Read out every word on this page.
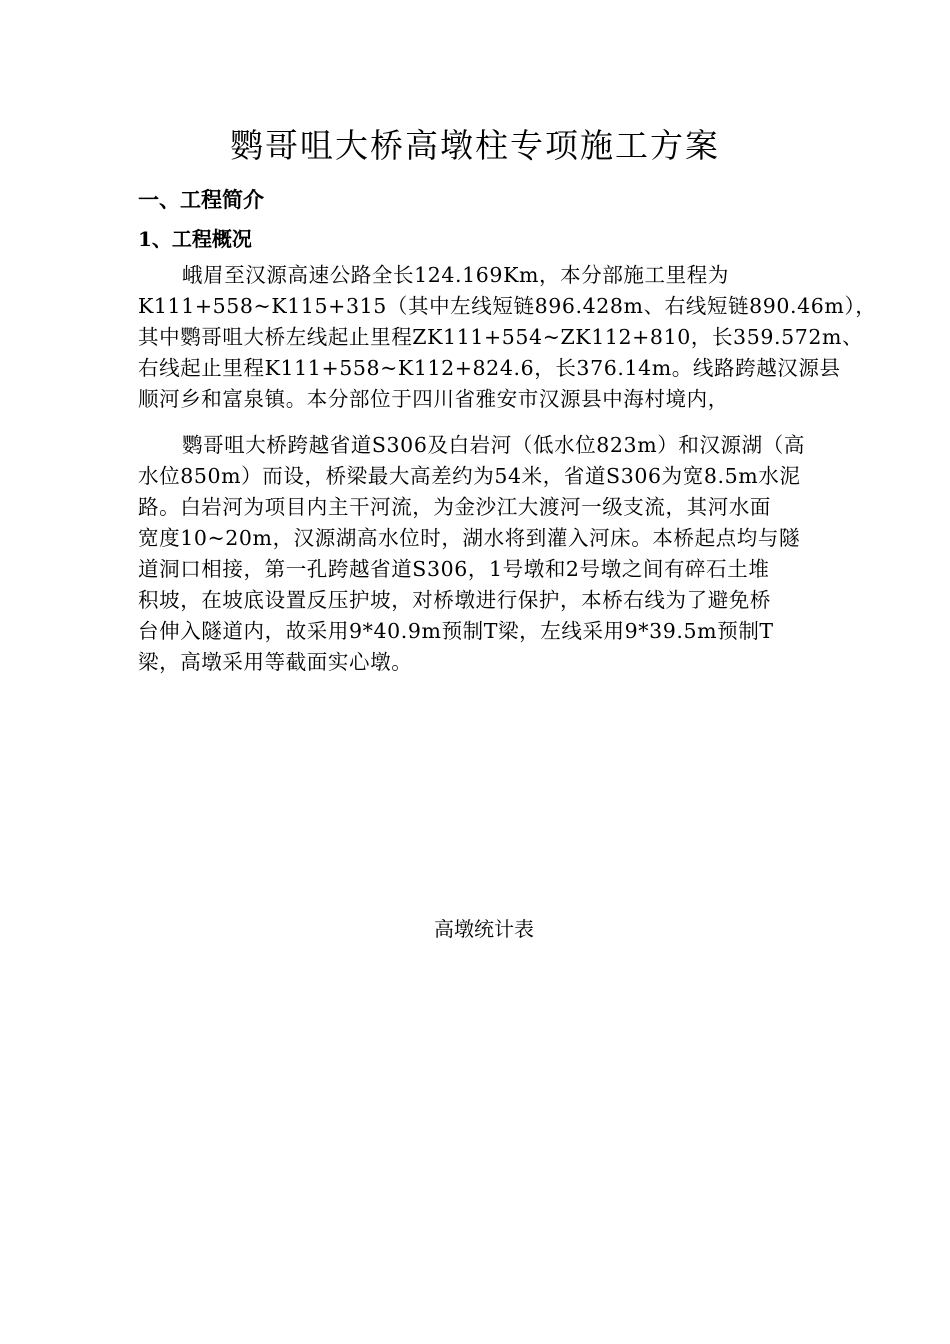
鹦哥咀大桥高墩柱专项施工方案
一、工程简介
1、工程概况
峨眉至汉源高速公路全长124.169Km，本分部施工里程为
K111+558~K115+315（其中左线短链896.428m、右线短链890.46m），
其中鹦哥咀大桥左线起止里程ZK111+554~ZK112+810，长359.572m、
右线起止里程K111+558~K112+824.6，长376.14m。线路跨越汉源县
顺河乡和富泉镇。本分部位于四川省雅安市汉源县中海村境内，
鹦哥咀大桥跨越省道S306及白岩河（低水位823m）和汉源湖（高
水位850m）而设，桥梁最大高差约为54米，省道S306为宽8.5m水泥
路。白岩河为项目内主干河流，为金沙江大渡河一级支流，其河水面
宽度10~20m，汉源湖高水位时，湖水将到灌入河床。本桥起点均与隧
道洞口相接，第一孔跨越省道S306，1号墩和2号墩之间有碎石土堆
积坡，在坡底设置反压护坡，对桥墩进行保护，本桥右线为了避免桥
台伸入隧道内，故采用9*40.9m预制T梁，左线采用9*39.5m预制T
梁，高墩采用等截面实心墩。

高墩统计表
